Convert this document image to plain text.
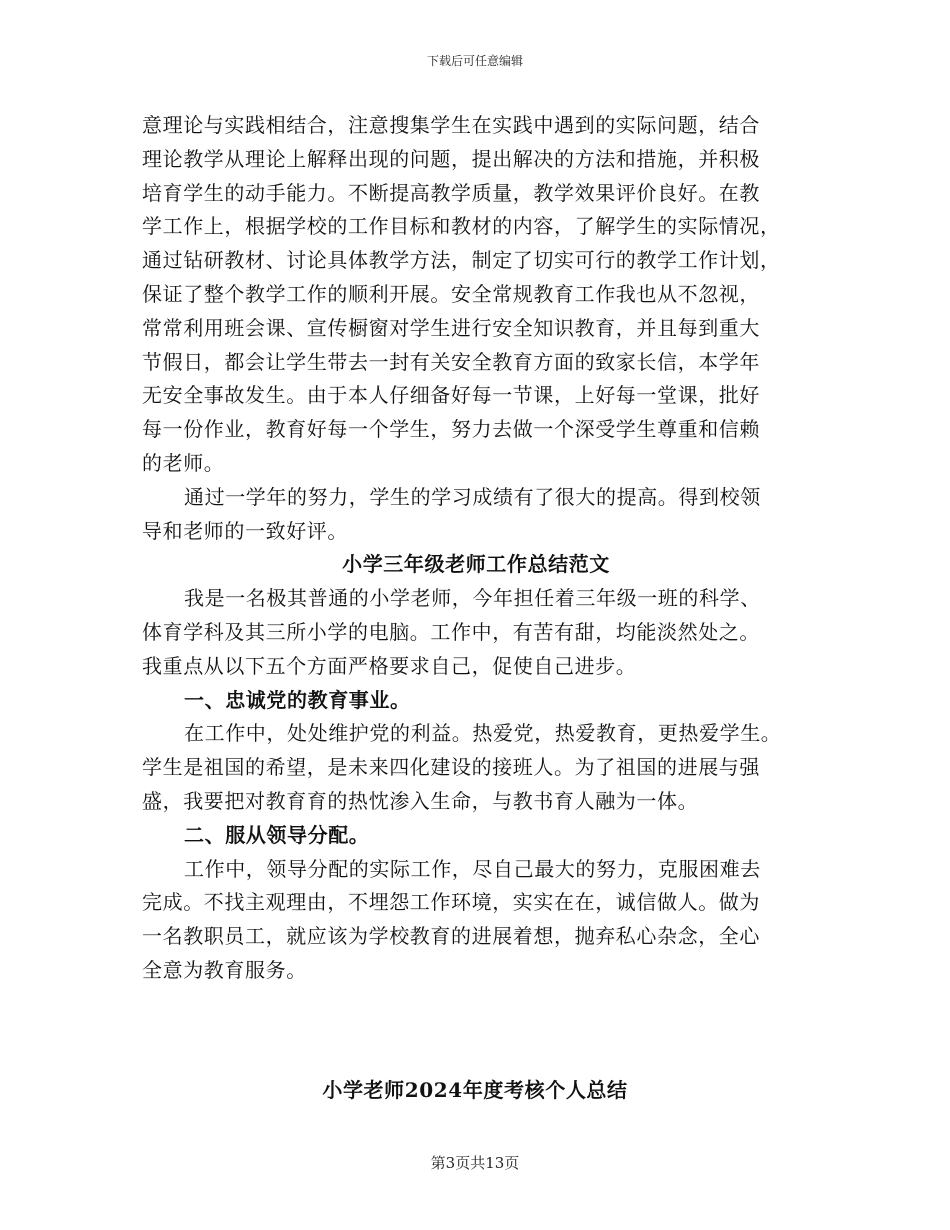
下载后可任意编辑
意理论与实践相结合，注意搜集学生在实践中遇到的实际问题，结合
理论教学从理论上解释出现的问题，提出解决的方法和措施，并积极
培育学生的动手能力。不断提高教学质量，教学效果评价良好。在教
学工作上，根据学校的工作目标和教材的内容，了解学生的实际情况，
通过钻研教材、讨论具体教学方法，制定了切实可行的教学工作计划，
保证了整个教学工作的顺利开展。安全常规教育工作我也从不忽视，
常常利用班会课、宣传橱窗对学生进行安全知识教育，并且每到重大
节假日，都会让学生带去一封有关安全教育方面的致家长信，本学年
无安全事故发生。由于本人仔细备好每一节课，上好每一堂课，批好
每一份作业，教育好每一个学生，努力去做一个深受学生尊重和信赖
的老师。
通过一学年的努力，学生的学习成绩有了很大的提高。得到校领
导和老师的一致好评。
小学三年级老师工作总结范文
我是一名极其普通的小学老师，今年担任着三年级一班的科学、
体育学科及其三所小学的电脑。工作中，有苦有甜，均能淡然处之。
我重点从以下五个方面严格要求自己，促使自己进步。
一、忠诚党的教育事业。
在工作中，处处维护党的利益。热爱党，热爱教育，更热爱学生。
学生是祖国的希望，是未来四化建设的接班人。为了祖国的进展与强
盛，我要把对教育育的热忱渗入生命，与教书育人融为一体。
二、服从领导分配。
工作中，领导分配的实际工作，尽自己最大的努力，克服困难去
完成。不找主观理由，不埋怨工作环境，实实在在，诚信做人。做为
一名教职员工，就应该为学校教育的进展着想，抛弃私心杂念，全心
全意为教育服务。
小学老师2024年度考核个人总结
第3页共13页
